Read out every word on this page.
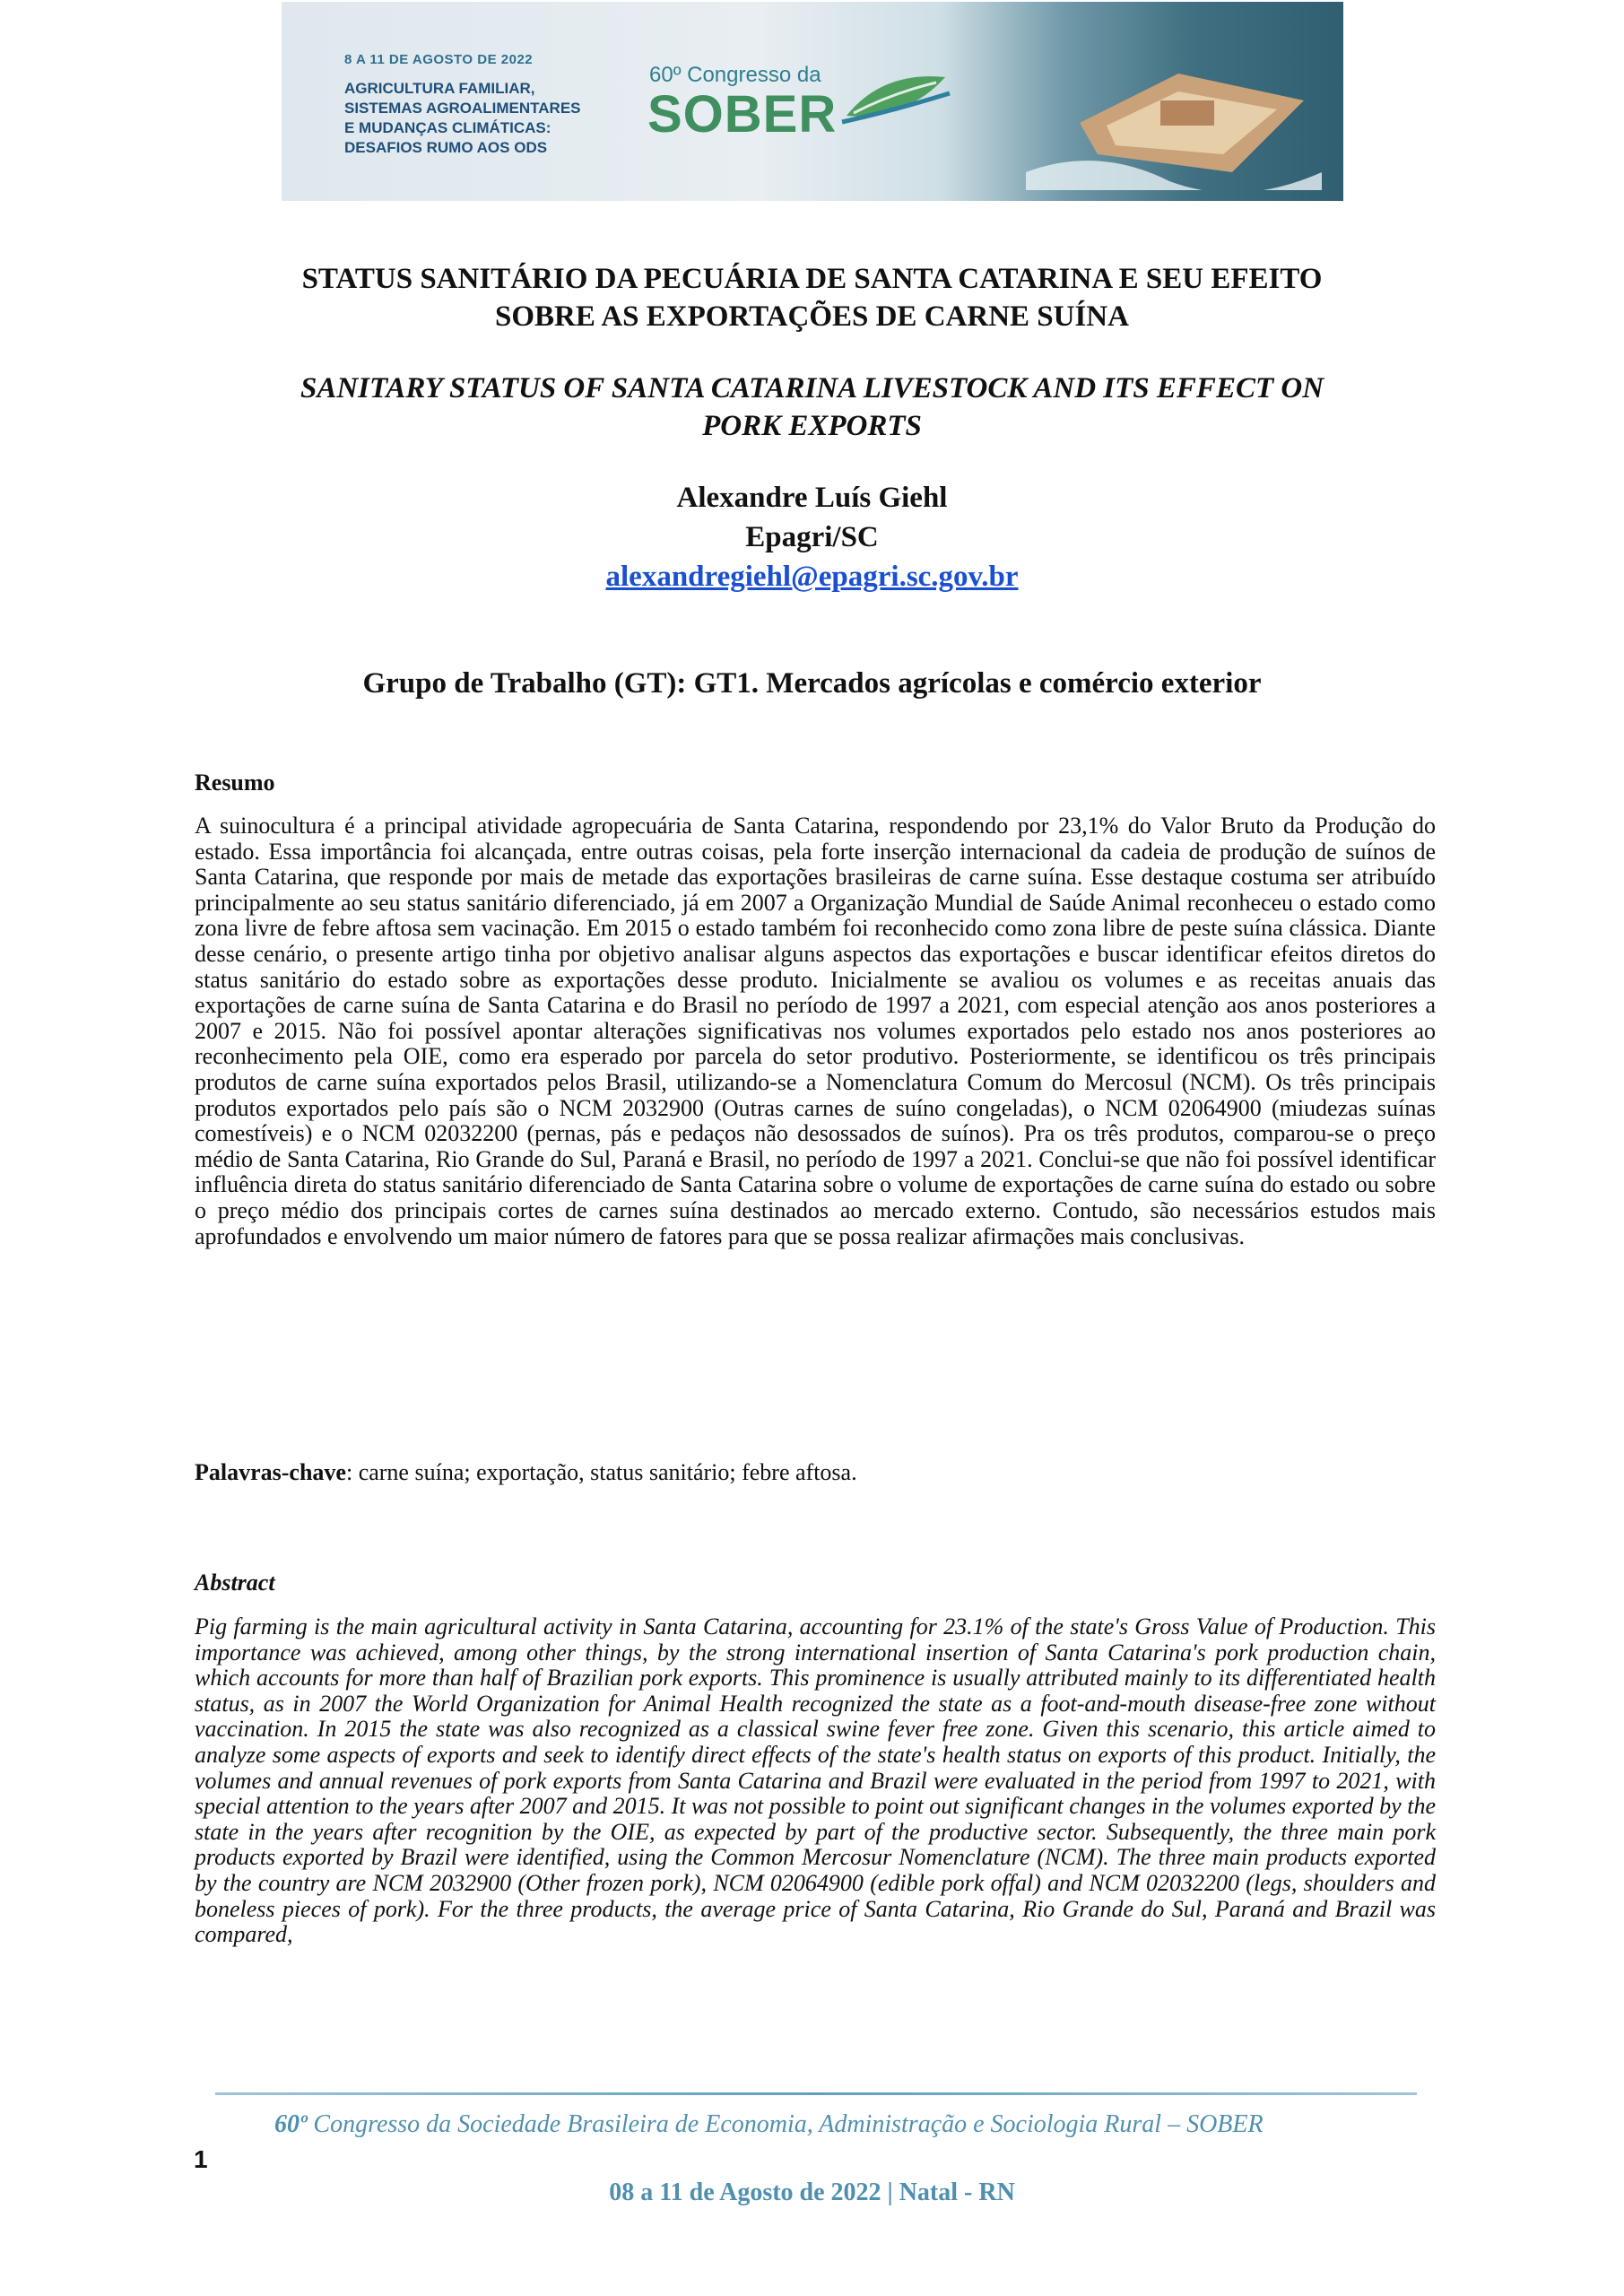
8 A 11 DE AGOSTO DE 2022
AGRICULTURA FAMILIAR,
SISTEMAS AGROALIMENTARES
E MUDANÇAS CLIMÁTICAS:
DESAFIOS RUMO AOS ODS
60º Congresso da
SOBER
STATUS SANITÁRIO DA PECUÁRIA DE SANTA CATARINA E SEU EFEITO
SOBRE AS EXPORTAÇÕES DE CARNE SUÍNA
SANITARY STATUS OF SANTA CATARINA LIVESTOCK AND ITS EFFECT ON
PORK EXPORTS
Alexandre Luís Giehl
Epagri/SC
alexandregiehl@epagri.sc.gov.br
Grupo de Trabalho (GT): GT1. Mercados agrícolas e comércio exterior
Resumo

A suinocultura é a principal atividade agropecuária de Santa Catarina, respondendo por 23,1% do Valor Bruto da Produção do estado. Essa importância foi alcançada, entre outras coisas, pela forte inserção internacional da cadeia de produção de suínos de Santa Catarina, que responde por mais de metade das exportações brasileiras de carne suína. Esse destaque costuma ser atribuído principalmente ao seu status sanitário diferenciado, já em 2007 a Organização Mundial de Saúde Animal reconheceu o estado como zona livre de febre aftosa sem vacinação. Em 2015 o estado também foi reconhecido como zona libre de peste suína clássica. Diante desse cenário, o presente artigo tinha por objetivo analisar alguns aspectos das exportações e buscar identificar efeitos diretos do status sanitário do estado sobre as exportações desse produto. Inicialmente se avaliou os volumes e as receitas anuais das exportações de carne suína de Santa Catarina e do Brasil no período de 1997 a 2021, com especial atenção aos anos posteriores a 2007 e 2015. Não foi possível apontar alterações significativas nos volumes exportados pelo estado nos anos posteriores ao reconhecimento pela OIE, como era esperado por parcela do setor produtivo. Posteriormente, se identificou os três principais produtos de carne suína exportados pelos Brasil, utilizando-se a Nomenclatura Comum do Mercosul (NCM). Os três principais produtos exportados pelo país são o NCM 2032900 (Outras carnes de suíno congeladas), o NCM 02064900 (miudezas suínas comestíveis) e o NCM 02032200 (pernas, pás e pedaços não desossados de suínos). Pra os três produtos, comparou-se o preço médio de Santa Catarina, Rio Grande do Sul, Paraná e Brasil, no período de 1997 a 2021. Conclui-se que não foi possível identificar influência direta do status sanitário diferenciado de Santa Catarina sobre o volume de exportações de carne suína do estado ou sobre o preço médio dos principais cortes de carnes suína destinados ao mercado externo. Contudo, são necessários estudos mais aprofundados e envolvendo um maior número de fatores para que se possa realizar afirmações mais conclusivas.

Palavras-chave: carne suína; exportação, status sanitário; febre aftosa.

Abstract

Pig farming is the main agricultural activity in Santa Catarina, accounting for 23.1% of the state's Gross Value of Production. This importance was achieved, among other things, by the strong international insertion of Santa Catarina's pork production chain, which accounts for more than half of Brazilian pork exports. This prominence is usually attributed mainly to its differentiated health status, as in 2007 the World Organization for Animal Health recognized the state as a foot-and-mouth disease-free zone without vaccination. In 2015 the state was also recognized as a classical swine fever free zone. Given this scenario, this article aimed to analyze some aspects of exports and seek to identify direct effects of the state's health status on exports of this product. Initially, the volumes and annual revenues of pork exports from Santa Catarina and Brazil were evaluated in the period from 1997 to 2021, with special attention to the years after 2007 and 2015. It was not possible to point out significant changes in the volumes exported by the state in the years after recognition by the OIE, as expected by part of the productive sector. Subsequently, the three main pork products exported by Brazil were identified, using the Common Mercosur Nomenclature (NCM). The three main products exported by the country are NCM 2032900 (Other frozen pork), NCM 02064900 (edible pork offal) and NCM 02032200 (legs, shoulders and boneless pieces of pork). For the three products, the average price of Santa Catarina, Rio Grande do Sul, Paraná and Brazil was compared,

60º Congresso da Sociedade Brasileira de Economia, Administração e Sociologia Rural – SOBER
1
08 a 11 de Agosto de 2022 | Natal - RN
